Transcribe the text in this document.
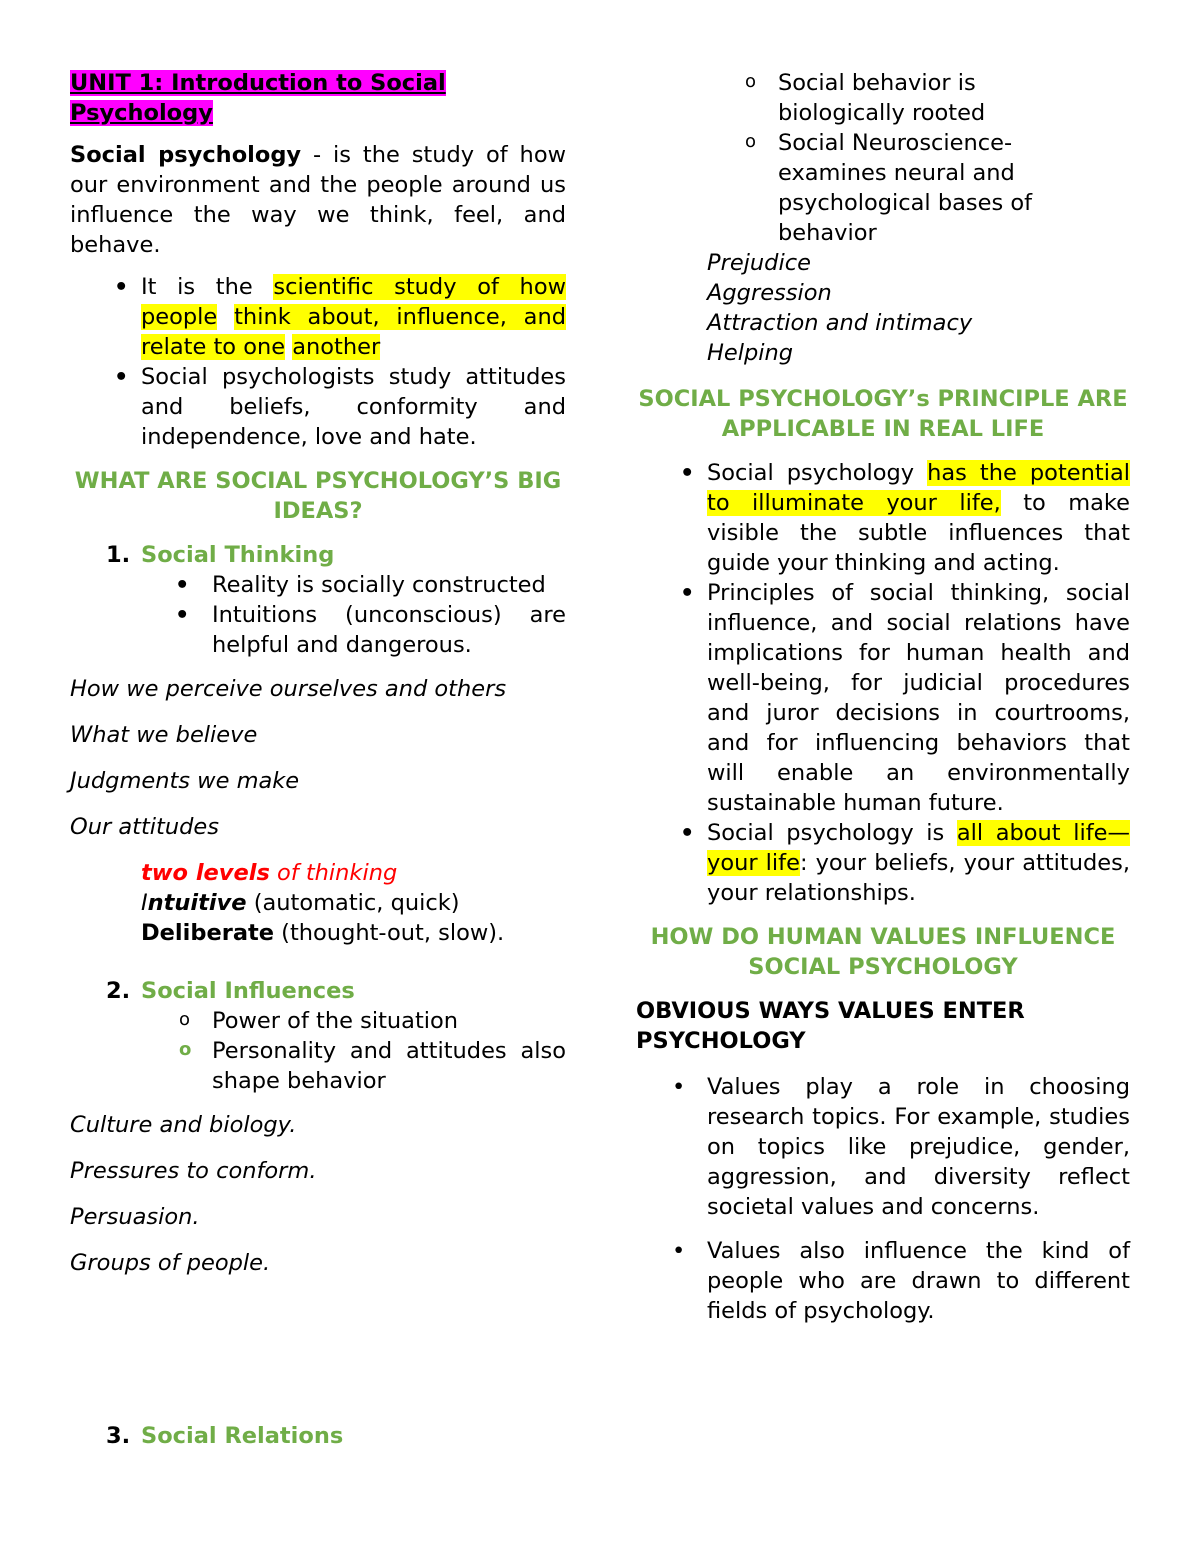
UNIT 1: Introduction to Social Psychology

Social psychology - is the study of how our environment and the people around us influence the way we think, feel, and behave.

• It is the scientific study of how people think about, influence, and relate to one another
• Social psychologists study attitudes and beliefs, conformity and independence, love and hate.

WHAT ARE SOCIAL PSYCHOLOGY’S BIG IDEAS?

1. Social Thinking
• Reality is socially constructed
• Intuitions (unconscious) are helpful and dangerous.

How we perceive ourselves and others

What we believe

Judgments we make

Our attitudes

two levels of thinking

Intuitive (automatic, quick)

Deliberate (thought-out, slow).

2. Social Influences
o Power of the situation
o Personality and attitudes also shape behavior

Culture and biology.

Pressures to conform.

Persuasion.

Groups of people.

3. Social Relations
o Social behavior is biologically rooted
o Social Neuroscience- examines neural and psychological bases of behavior

Prejudice

Aggression

Attraction and intimacy

Helping

SOCIAL PSYCHOLOGY’s PRINCIPLE ARE APPLICABLE IN REAL LIFE

• Social psychology has the potential to illuminate your life, to make visible the subtle influences that guide your thinking and acting.
• Principles of social thinking, social influence, and social relations have implications for human health and well-being, for judicial procedures and juror decisions in courtrooms, and for influencing behaviors that will enable an environmentally sustainable human future.
• Social psychology is all about life—your life: your beliefs, your attitudes, your relationships.

HOW DO HUMAN VALUES INFLUENCE SOCIAL PSYCHOLOGY

OBVIOUS WAYS VALUES ENTER PSYCHOLOGY

• Values play a role in choosing research topics. For example, studies on topics like prejudice, gender, aggression, and diversity reflect societal values and concerns.
• Values also influence the kind of people who are drawn to different fields of psychology.
